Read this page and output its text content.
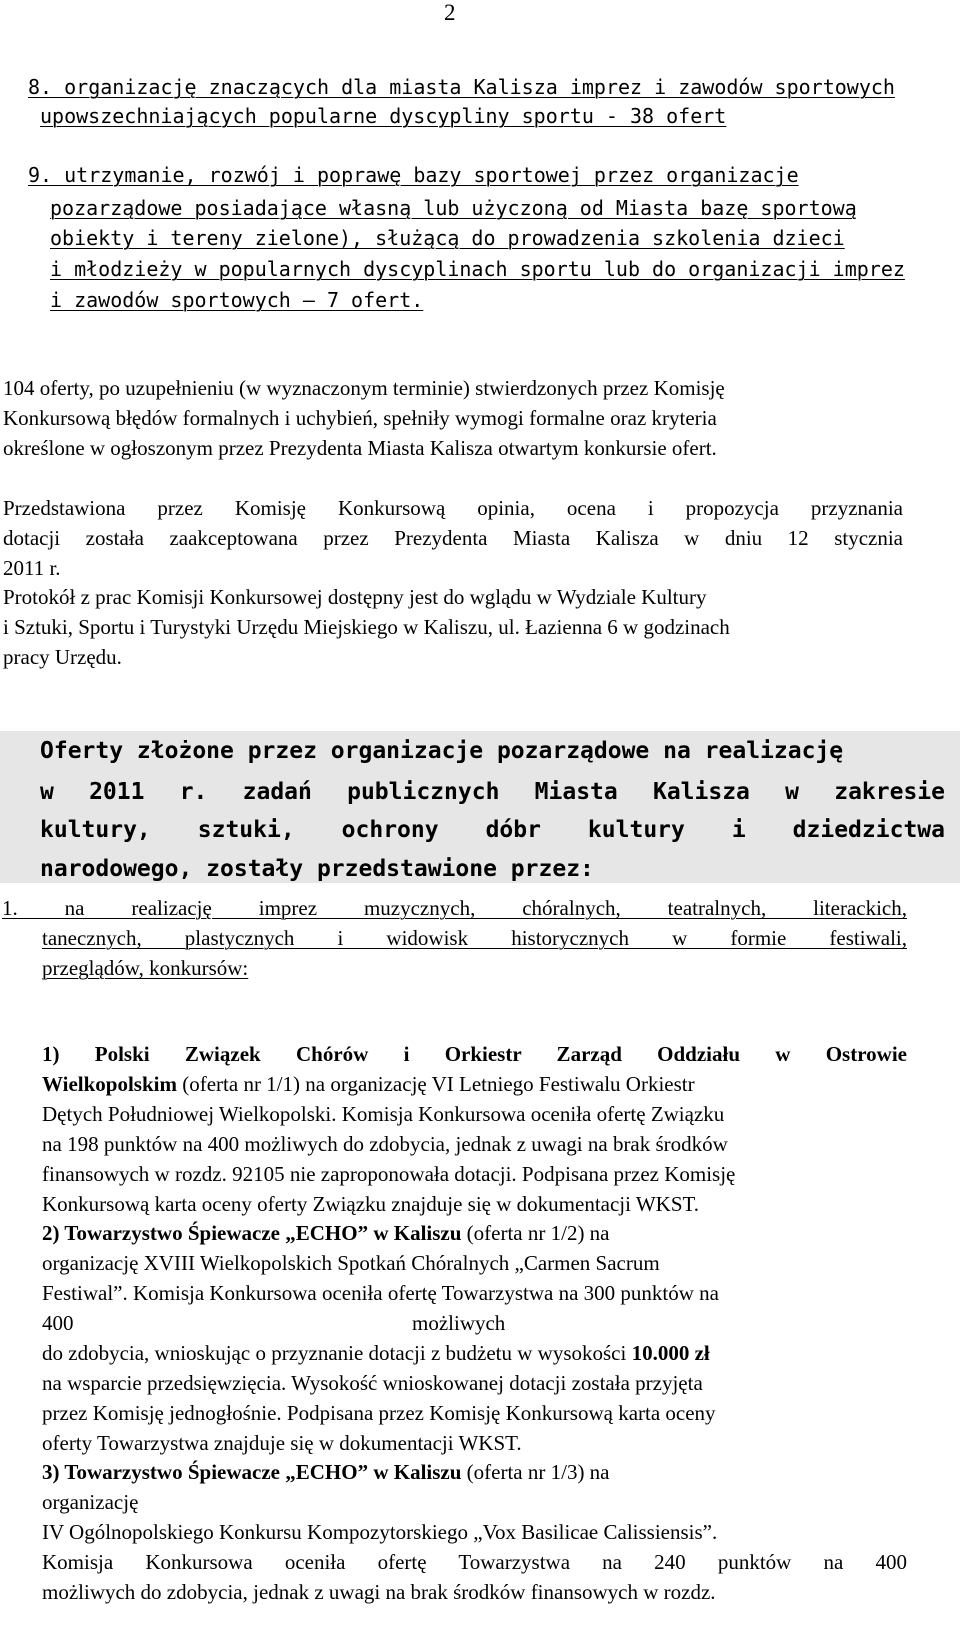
2
8. organizację znaczących dla miasta Kalisza imprez i zawodów sportowych
upowszechniających popularne dyscypliny sportu - 38 ofert
9. utrzymanie, rozwój i poprawę bazy sportowej przez organizacje
pozarządowe posiadające własną lub użyczoną od Miasta bazę sportową
obiekty i tereny zielone), służącą do prowadzenia szkolenia dzieci
i młodzieży w popularnych dyscyplinach sportu lub do organizacji imprez
i zawodów sportowych – 7 ofert.
104 oferty, po uzupełnieniu (w wyznaczonym terminie) stwierdzonych przez Komisję
Konkursową błędów formalnych i uchybień, spełniły wymogi formalne oraz kryteria
określone w ogłoszonym przez Prezydenta Miasta Kalisza otwartym konkursie ofert.
Przedstawiona przez Komisję Konkursową opinia, ocena i propozycja przyznania
dotacji została zaakceptowana przez Prezydenta Miasta Kalisza w dniu 12 stycznia
2011 r.
Protokół z prac Komisji Konkursowej dostępny jest do wglądu w Wydziale Kultury
i Sztuki, Sportu i Turystyki Urzędu Miejskiego w Kaliszu, ul. Łazienna 6 w godzinach
pracy Urzędu.
Oferty złożone przez organizacje pozarządowe na realizację
w 2011 r. zadań publicznych Miasta Kalisza w zakresie
kultury, sztuki, ochrony dóbr kultury i dziedzictwa
narodowego, zostały przedstawione przez:
1. na realizację imprez muzycznych, chóralnych, teatralnych, literackich,
tanecznych, plastycznych i widowisk historycznych w formie festiwali,
przeglądów, konkursów:
1) Polski Związek Chórów i Orkiestr Zarząd Oddziału w Ostrowie
Wielkopolskim (oferta nr 1/1) na organizację VI Letniego Festiwalu Orkiestr
Dętych Południowej Wielkopolski. Komisja Konkursowa oceniła ofertę Związku
na 198 punktów na 400 możliwych do zdobycia, jednak z uwagi na brak środków
finansowych w rozdz. 92105 nie zaproponowała dotacji. Podpisana przez Komisję
Konkursową karta oceny oferty Związku znajduje się w dokumentacji WKST.
2) Towarzystwo Śpiewacze „ECHO” w Kaliszu (oferta nr 1/2) na
organizację XVIII Wielkopolskich Spotkań Chóralnych „Carmen Sacrum
Festiwal”. Komisja Konkursowa oceniła ofertę Towarzystwa na 300 punktów na
400	możliwych
do zdobycia, wnioskując o przyznanie dotacji z budżetu w wysokości 10.000 zł
na wsparcie przedsięwzięcia. Wysokość wnioskowanej dotacji została przyjęta
przez Komisję jednogłośnie. Podpisana przez Komisję Konkursową karta oceny
oferty Towarzystwa znajduje się w dokumentacji WKST.
3) Towarzystwo Śpiewacze „ECHO” w Kaliszu (oferta nr 1/3) na
organizację
IV Ogólnopolskiego Konkursu Kompozytorskiego „Vox Basilicae Calissiensis”.
Komisja Konkursowa oceniła ofertę Towarzystwa na 240 punktów na 400
możliwych do zdobycia, jednak z uwagi na brak środków finansowych w rozdz.
